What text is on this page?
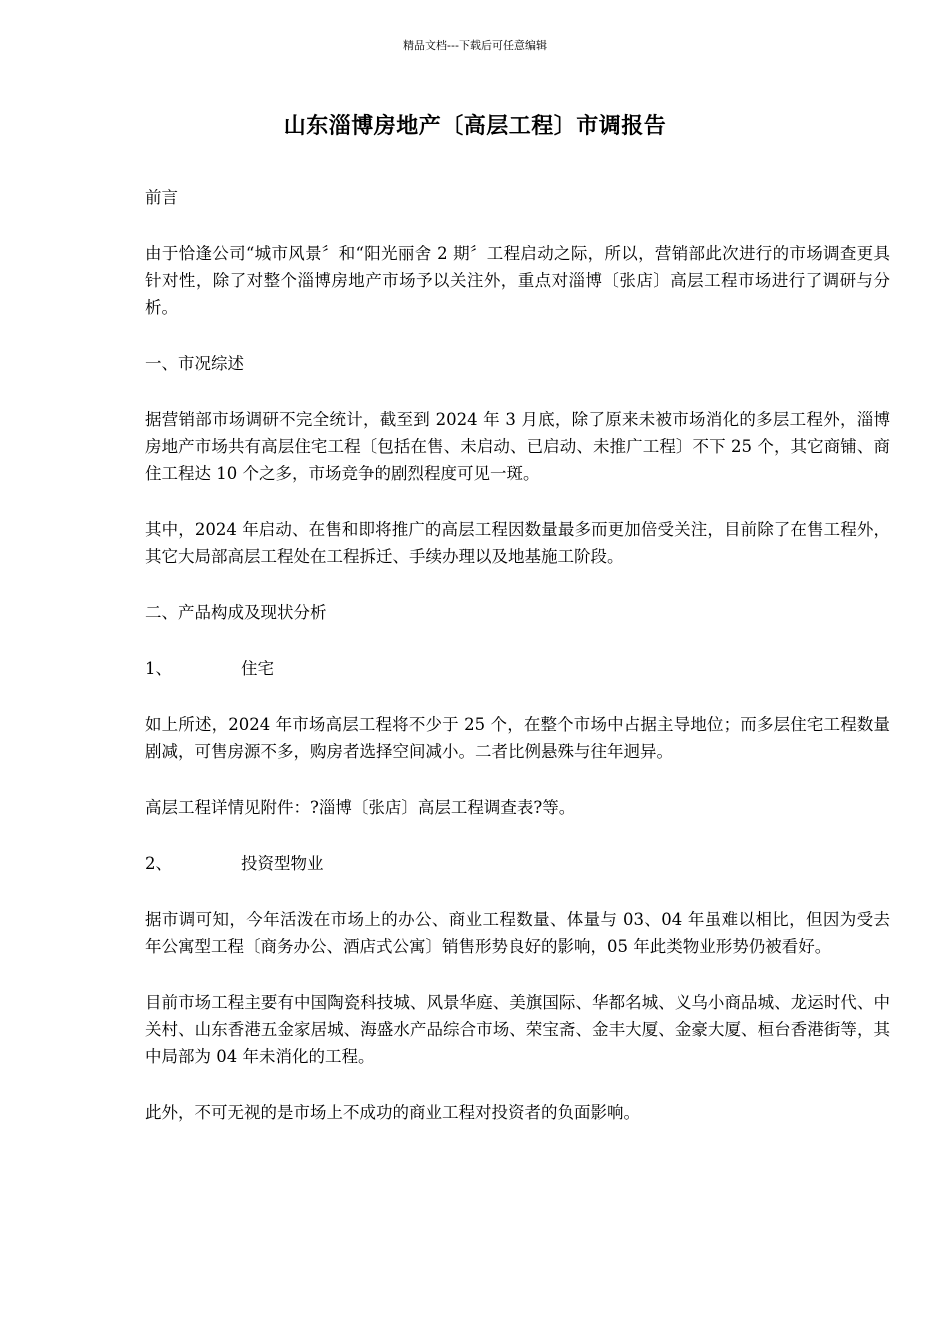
精品文档---下载后可任意编辑
山东淄博房地产〔高层工程〕市调报告

前言

由于恰逢公司“城市风景〞和“阳光丽舍 2 期〞工程启动之际，所以，营销部此次进行的市场调查更具针对性，除了对整个淄博房地产市场予以关注外，重点对淄博〔张店〕高层工程市场进行了调研与分析。

一、市况综述

据营销部市场调研不完全统计，截至到 2024 年 3 月底，除了原来未被市场消化的多层工程外，淄博房地产市场共有高层住宅工程〔包括在售、未启动、已启动、未推广工程〕不下 25 个，其它商铺、商住工程达 10 个之多，市场竞争的剧烈程度可见一斑。

其中，2024 年启动、在售和即将推广的高层工程因数量最多而更加倍受关注，目前除了在售工程外，其它大局部高层工程处在工程拆迁、手续办理以及地基施工阶段。

二、产品构成及现状分析

1、	住宅

如上所述，2024 年市场高层工程将不少于 25 个，在整个市场中占据主导地位；而多层住宅工程数量剧减，可售房源不多，购房者选择空间减小。二者比例悬殊与往年迥异。

高层工程详情见附件：?淄博〔张店〕高层工程调查表?等。

2、	投资型物业

据市调可知，今年活泼在市场上的办公、商业工程数量、体量与 03、04 年虽难以相比，但因为受去年公寓型工程〔商务办公、酒店式公寓〕销售形势良好的影响，05 年此类物业形势仍被看好。

目前市场工程主要有中国陶瓷科技城、风景华庭、美旗国际、华都名城、义乌小商品城、龙运时代、中关村、山东香港五金家居城、海盛水产品综合市场、荣宝斋、金丰大厦、金豪大厦、桓台香港街等，其中局部为 04 年未消化的工程。

此外，不可无视的是市场上不成功的商业工程对投资者的负面影响。
